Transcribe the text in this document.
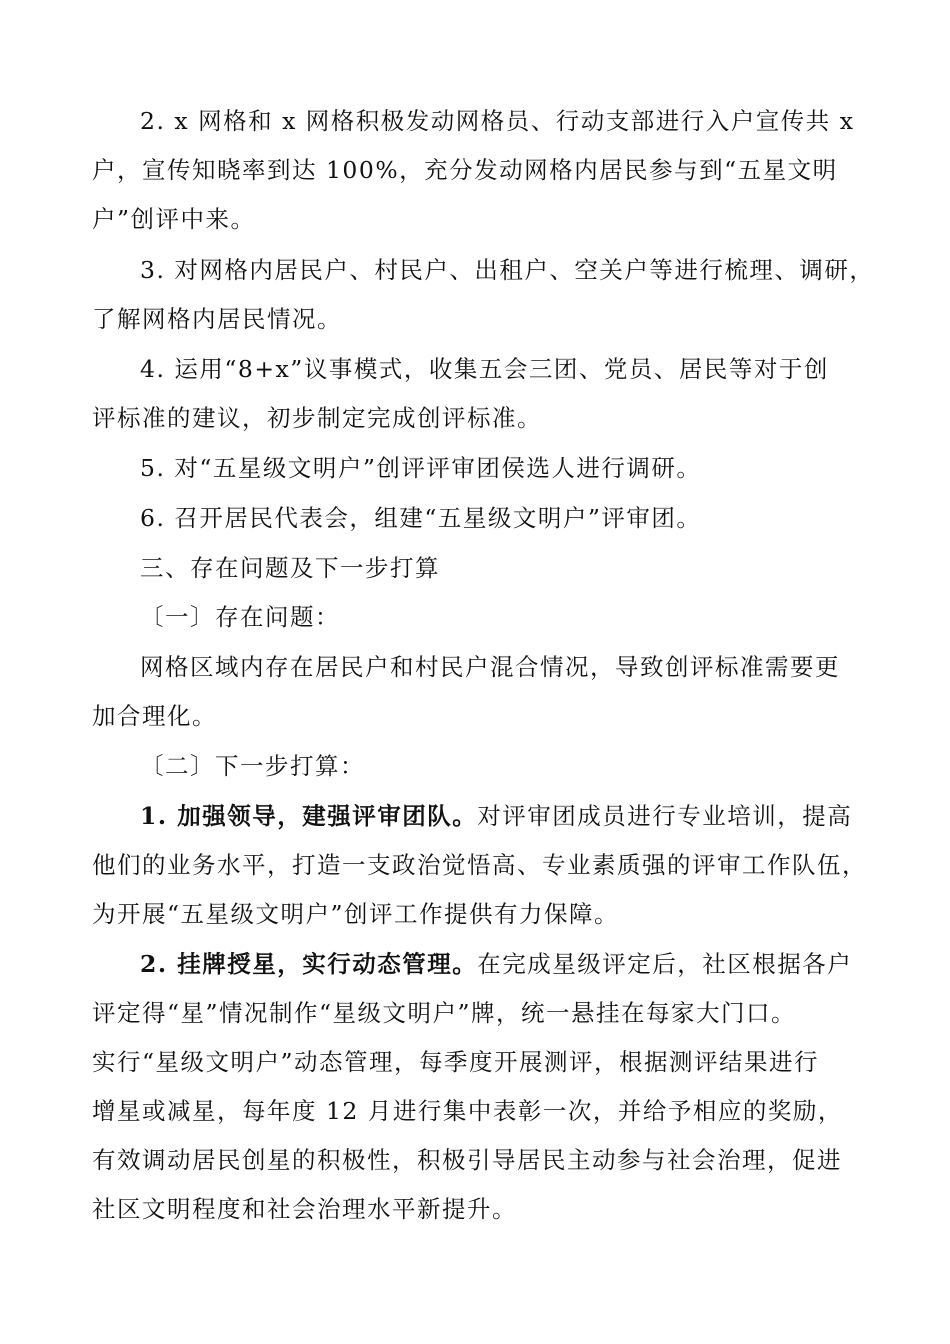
2. x 网格和 x 网格积极发动网格员、行动支部进行入户宣传共 x
户，宣传知晓率到达 100%，充分发动网格内居民参与到“五星文明
户”创评中来。
3. 对网格内居民户、村民户、出租户、空关户等进行梳理、调研，
了解网格内居民情况。
4. 运用“8+x”议事模式，收集五会三团、党员、居民等对于创
评标准的建议，初步制定完成创评标准。
5. 对“五星级文明户”创评评审团侯选人进行调研。
6. 召开居民代表会，组建“五星级文明户”评审团。
三、存在问题及下一步打算
〔一〕存在问题：
网格区域内存在居民户和村民户混合情况，导致创评标准需要更
加合理化。
〔二〕下一步打算：
1. 加强领导，建强评审团队。对评审团成员进行专业培训，提高
他们的业务水平，打造一支政治觉悟高、专业素质强的评审工作队伍，
为开展“五星级文明户”创评工作提供有力保障。
2. 挂牌授星，实行动态管理。在完成星级评定后，社区根据各户
评定得“星”情况制作“星级文明户”牌，统一悬挂在每家大门口。
实行“星级文明户”动态管理，每季度开展测评，根据测评结果进行
增星或减星，每年度 12 月进行集中表彰一次，并给予相应的奖励，
有效调动居民创星的积极性，积极引导居民主动参与社会治理，促进
社区文明程度和社会治理水平新提升。
